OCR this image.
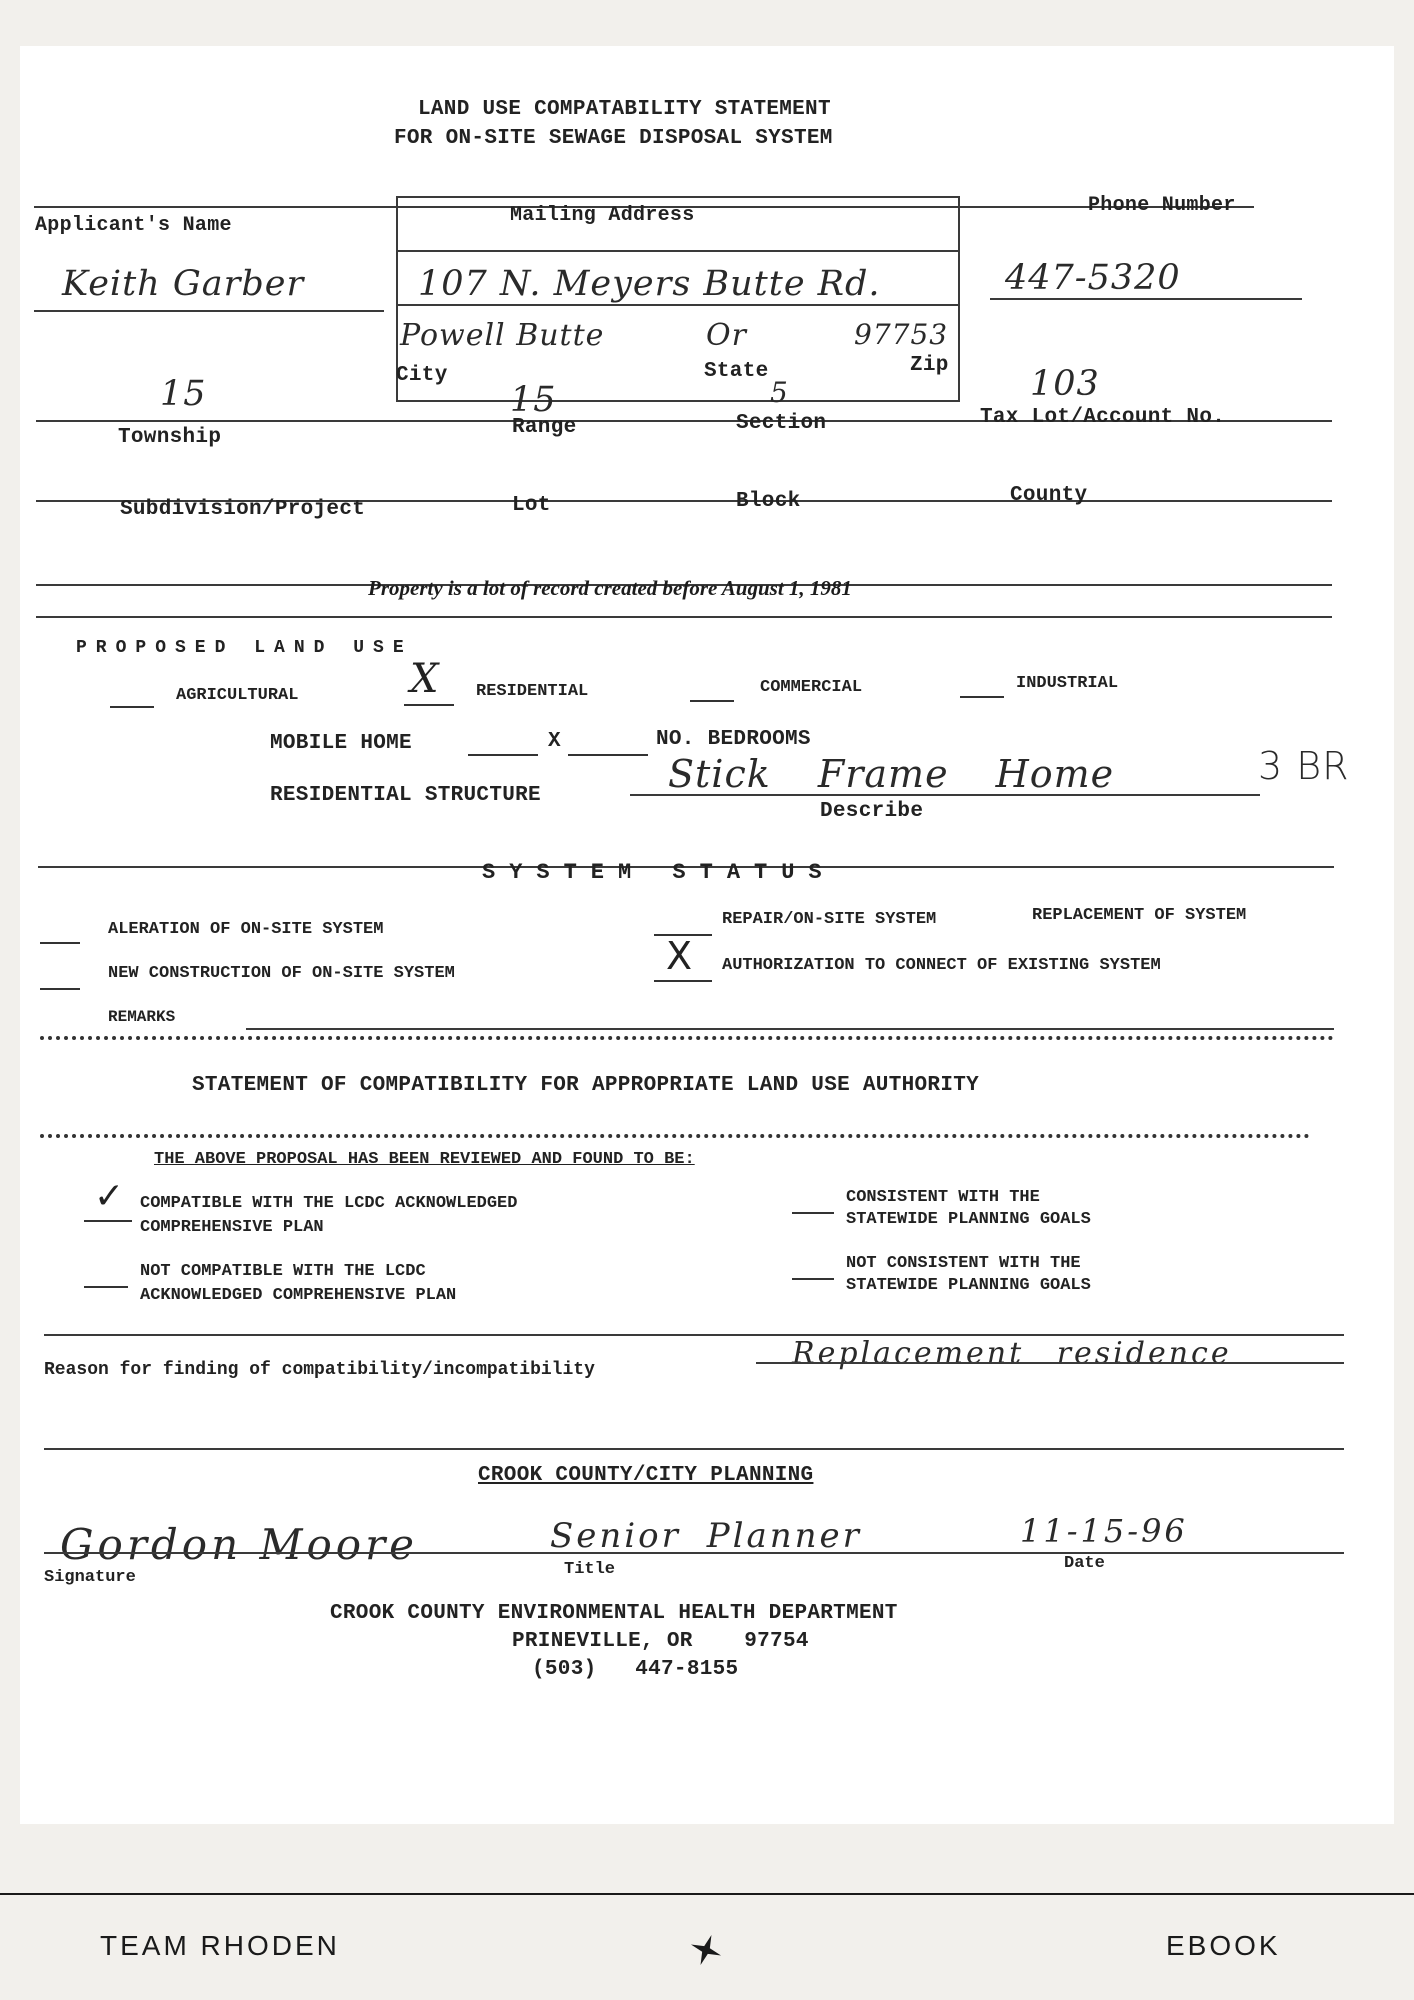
LAND USE COMPATABILITY STATEMENT
FOR ON-SITE SEWAGE DISPOSAL SYSTEM
Applicant's Name	Mailing Address	Phone Number
Keith Garber	107 N. Meyers Butte Rd.	447-5320
Powell Butte	Or	97753
City	State	Zip
15	15	5	103
Township	Range	Section	Tax Lot/Account No.
Subdivision/Project	Lot	Block	County
Property is a lot of record created before August 1, 1981
PROPOSED LAND USE
AGRICULTURAL	X RESIDENTIAL	COMMERCIAL	INDUSTRIAL
MOBILE HOME	X	NO. BEDROOMS
RESIDENTIAL STRUCTURE	Stick Frame Home	3 BR
Describe
SYSTEM STATUS
ALERATION OF ON-SITE SYSTEM
REPAIR/ON-SITE SYSTEM	REPLACEMENT OF SYSTEM
NEW CONSTRUCTION OF ON-SITE SYSTEM	X AUTHORIZATION TO CONNECT OF EXISTING SYSTEM
REMARKS
STATEMENT OF COMPATIBILITY FOR APPROPRIATE LAND USE AUTHORITY
THE ABOVE PROPOSAL HAS BEEN REVIEWED AND FOUND TO BE:
✓ COMPATIBLE WITH THE LCDC ACKNOWLEDGED
COMPREHENSIVE PLAN
CONSISTENT WITH THE
STATEWIDE PLANNING GOALS
NOT COMPATIBLE WITH THE LCDC
ACKNOWLEDGED COMPREHENSIVE PLAN
NOT CONSISTENT WITH THE
STATEWIDE PLANNING GOALS
Reason for finding of compatibility/incompatibility	Replacement residence
CROOK COUNTY/CITY PLANNING
Gordon Moore	Senior Planner	11-15-96
Signature	Title	Date
CROOK COUNTY ENVIRONMENTAL HEALTH DEPARTMENT
PRINEVILLE, OR    97754
(503)   447-8155
TEAM RHODEN	EBOOK
